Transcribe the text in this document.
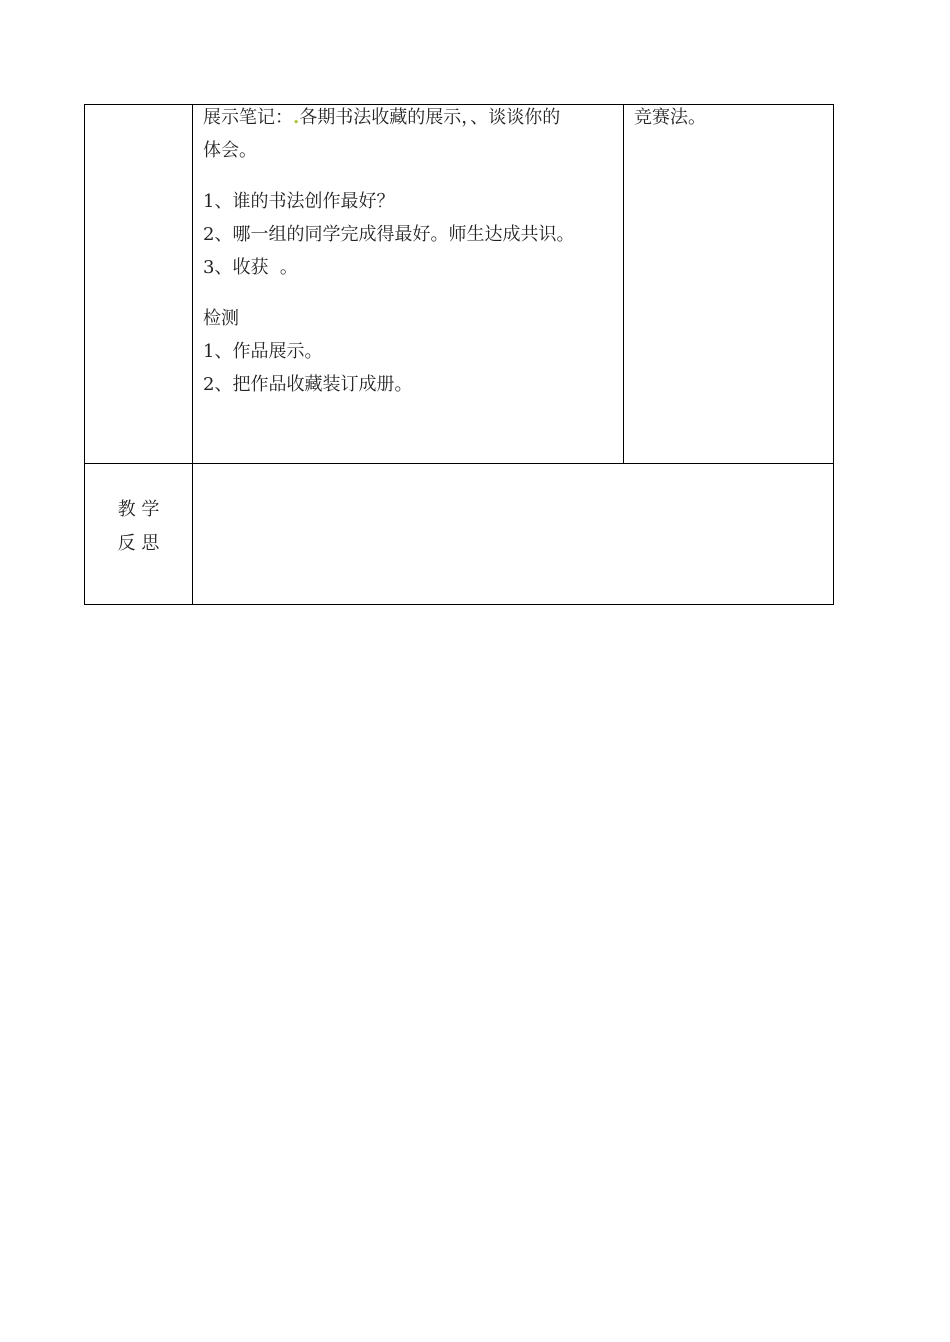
展示笔记：.各期书法收藏的展示，、谈谈你的

体会。

1、谁的书法创作最好？

2、哪一组的同学完成得最好。师生达成共识。

3、收获  。

检测

1、作品展示。

2、把作品收藏装订成册。

竞赛法。
教 学
反 思
